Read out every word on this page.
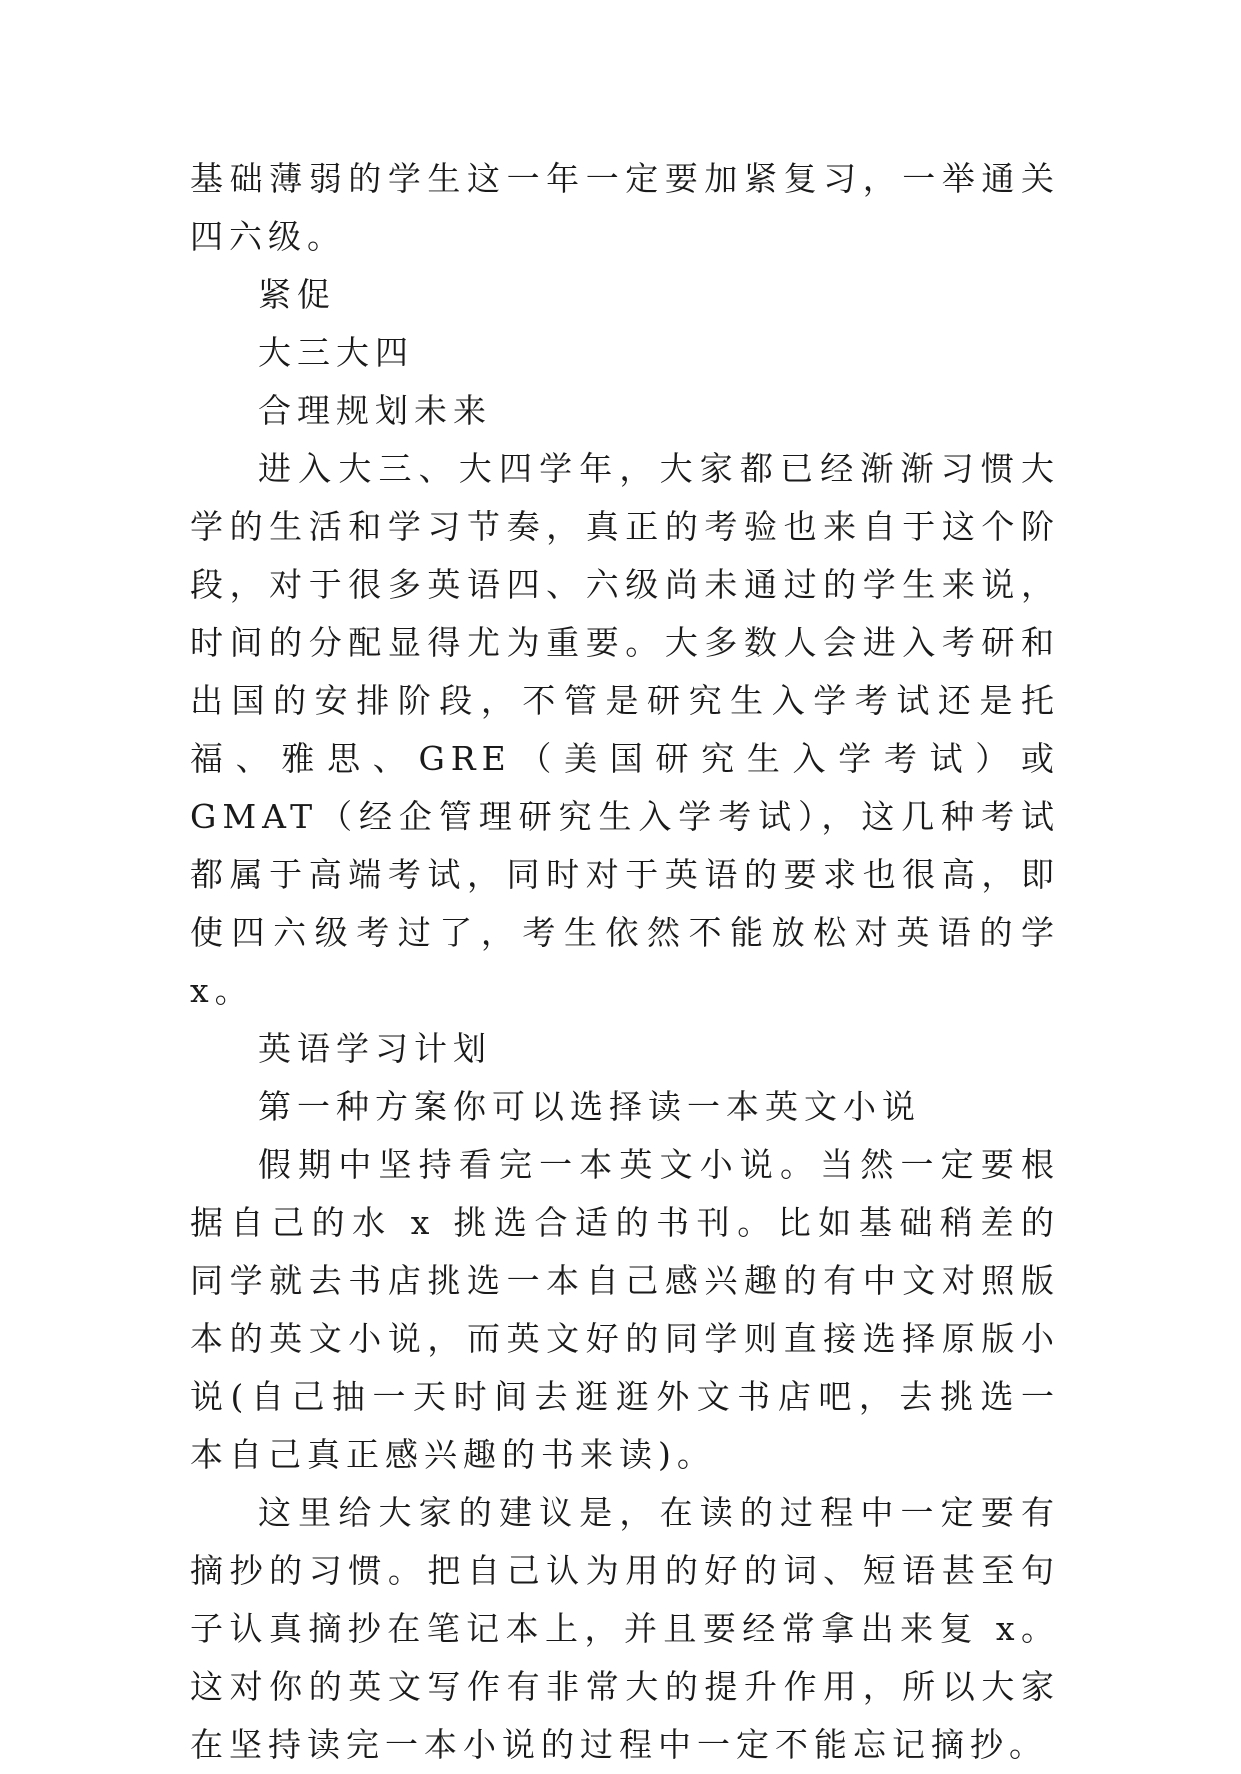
基础薄弱的学生这一年一定要加紧复习，一举通关四六级。

紧促

大三大四

合理规划未来

进入大三、大四学年，大家都已经渐渐习惯大学的生活和学习节奏，真正的考验也来自于这个阶段，对于很多英语四、六级尚未通过的学生来说，时间的分配显得尤为重要。大多数人会进入考研和出国的安排阶段，不管是研究生入学考试还是托福、雅思、GRE（美国研究生入学考试）或 GMAT（经企管理研究生入学考试），这几种考试都属于高端考试，同时对于英语的要求也很高，即使四六级考过了，考生依然不能放松对英语的学 x。

英语学习计划

第一种方案你可以选择读一本英文小说

假期中坚持看完一本英文小说。当然一定要根据自己的水 x 挑选合适的书刊。比如基础稍差的同学就去书店挑选一本自己感兴趣的有中文对照版本的英文小说，而英文好的同学则直接选择原版小说(自己抽一天时间去逛逛外文书店吧，去挑选一本自己真正感兴趣的书来读)。

这里给大家的建议是，在读的过程中一定要有摘抄的习惯。把自己认为用的好的词、短语甚至句子认真摘抄在笔记本上，并且要经常拿出来复 x。这对你的英文写作有非常大的提升作用，所以大家在坚持读完一本小说的过程中一定不能忘记摘抄。
